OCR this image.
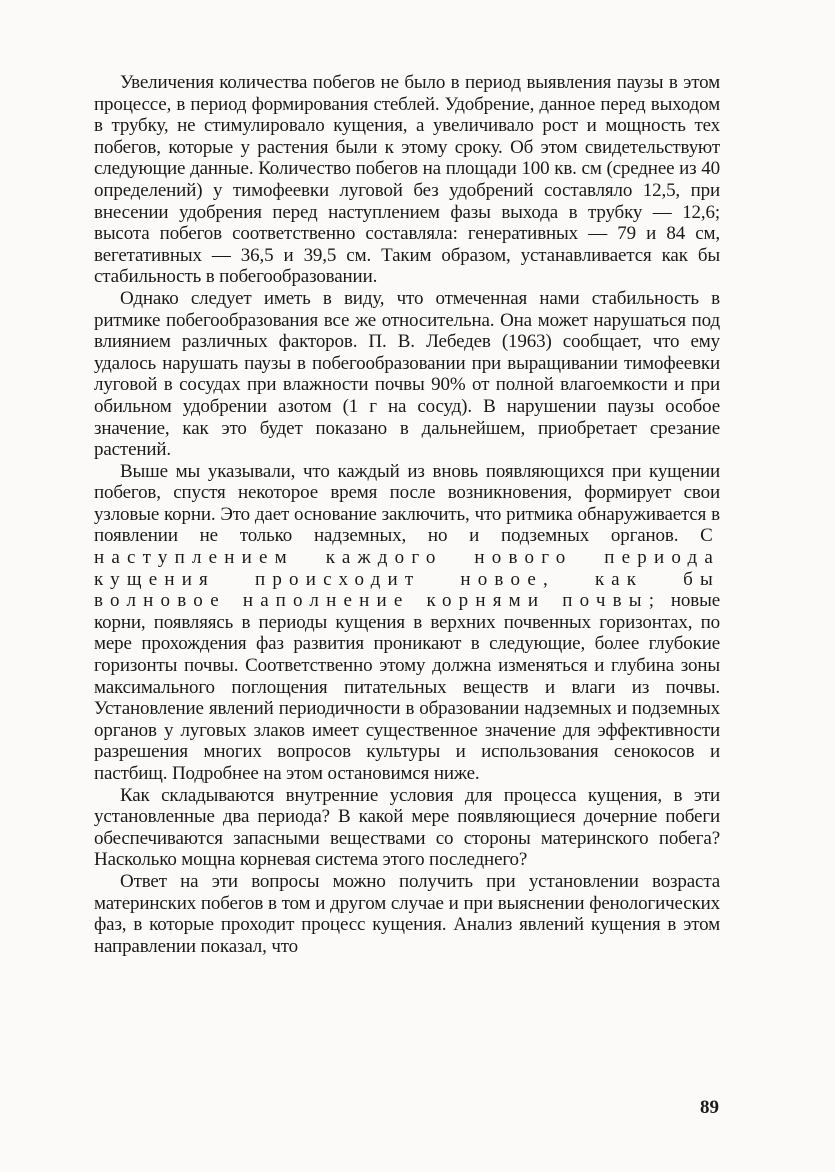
Увеличения количества побегов не было в период выявления паузы в этом процессе, в период формирования стеблей. Удобрение, данное перед выходом в трубку, не стимулировало кущения, а увеличивало рост и мощность тех побегов, которые у растения были к этому сроку. Об этом свидетельствуют следующие данные. Количество побегов на площади 100 кв. см (среднее из 40 определений) у тимофеевки луговой без удобрений составляло 12,5, при внесении удобрения перед наступлением фазы выхода в трубку — 12,6; высота побегов соответственно составляла: генеративных — 79 и 84 см, вегетативных — 36,5 и 39,5 см. Таким образом, устанавливается как бы стабильность в побегообразовании.

Однако следует иметь в виду, что отмеченная нами стабильность в ритмике побегообразования все же относительна. Она может нарушаться под влиянием различных факторов. П. В. Лебедев (1963) сообщает, что ему удалось нарушать паузы в побегообразовании при выращивании тимофеевки луговой в сосудах при влажности почвы 90% от полной влагоемкости и при обильном удобрении азотом (1 г на сосуд). В нарушении паузы особое значение, как это будет показано в дальнейшем, приобретает срезание растений.

Выше мы указывали, что каждый из вновь появляющихся при кущении побегов, спустя некоторое время после возникновения, формирует свои узловые корни. Это дает основание заключить, что ритмика обнаруживается в появлении не только надземных, но и подземных органов. С наступлением каждого нового периода кущения происходит новое, как бы волновое наполнение корнями почвы; новые корни, появляясь в периоды кущения в верхних почвенных горизонтах, по мере прохождения фаз развития проникают в следующие, более глубокие горизонты почвы. Соответственно этому должна изменяться и глубина зоны максимального поглощения питательных веществ и влаги из почвы. Установление явлений периодичности в образовании надземных и подземных органов у луговых злаков имеет существенное значение для эффективности разрешения многих вопросов культуры и использования сенокосов и пастбищ. Подробнее на этом остановимся ниже.

Как складываются внутренние условия для процесса кущения, в эти установленные два периода? В какой мере появляющиеся дочерние побеги обеспечиваются запасными веществами со стороны материнского побега? Насколько мощна корневая система этого последнего?

Ответ на эти вопросы можно получить при установлении возраста материнских побегов в том и другом случае и при выяснении фенологических фаз, в которые проходит процесс кущения. Анализ явлений кущения в этом направлении показал, что

89
